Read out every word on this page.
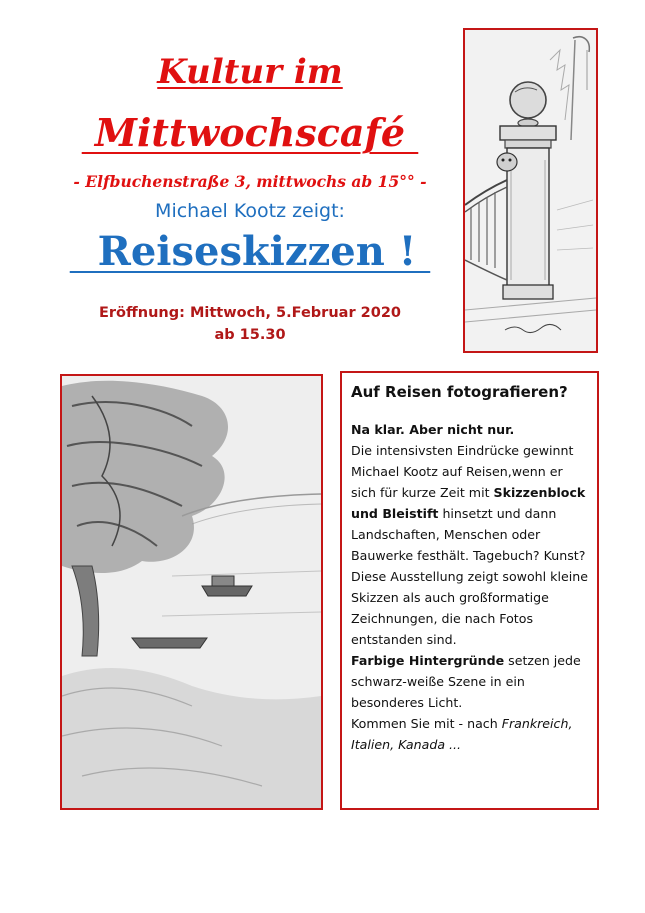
Kultur im
Mittwochscafé
- Elfbuchenstraße 3, mittwochs ab 15°° -
Michael Kootz zeigt:
Reiseskizzen !
Eröffnung: Mittwoch, 5.Februar 2020
ab 15.30
Auf Reisen fotografieren?

Na klar. Aber nicht nur.
Die intensivsten Eindrücke gewinnt Michael Kootz auf Reisen,wenn er sich für kurze Zeit mit Skizzenblock und Bleistift hinsetzt und dann Landschaften, Menschen oder Bauwerke festhält. Tagebuch? Kunst? Diese Ausstellung zeigt sowohl kleine Skizzen als auch großformatige Zeichnungen, die nach Fotos entstanden sind.
Farbige Hintergründe setzen jede schwarz-weiße Szene in ein besonderes Licht.
Kommen Sie mit - nach Frankreich, Italien, Kanada ...
